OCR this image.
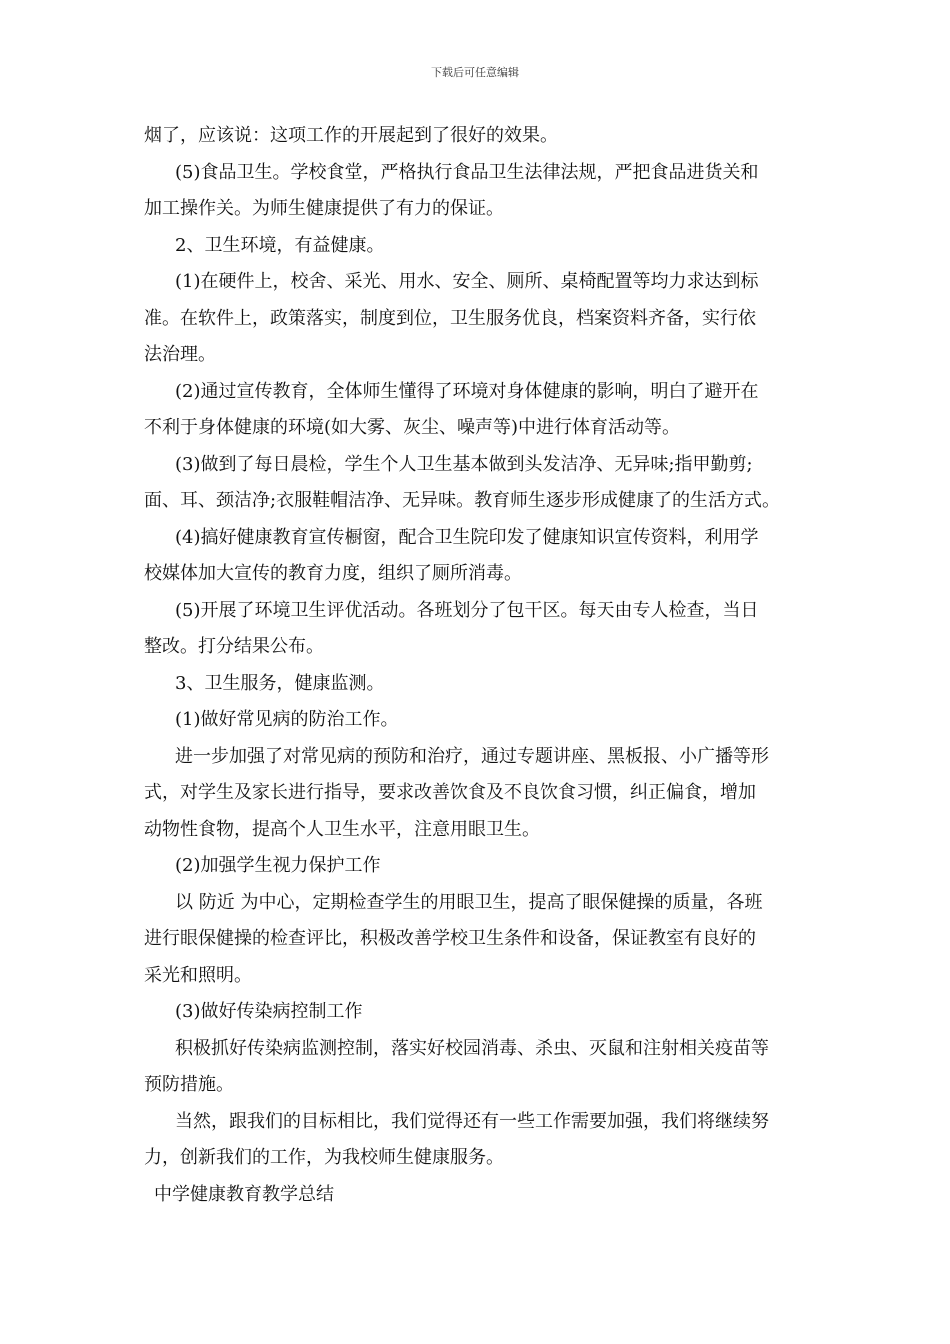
下载后可任意编辑
烟了，应该说：这项工作的开展起到了很好的效果。
(5)食品卫生。学校食堂，严格执行食品卫生法律法规，严把食品进货关和
加工操作关。为师生健康提供了有力的保证。
2、卫生环境，有益健康。
(1)在硬件上，校舍、采光、用水、安全、厕所、桌椅配置等均力求达到标
准。在软件上，政策落实，制度到位，卫生服务优良，档案资料齐备，实行依
法治理。
(2)通过宣传教育，全体师生懂得了环境对身体健康的影响，明白了避开在
不利于身体健康的环境(如大雾、灰尘、噪声等)中进行体育活动等。
(3)做到了每日晨检，学生个人卫生基本做到头发洁净、无异味;指甲勤剪;
面、耳、颈洁净;衣服鞋帽洁净、无异味。教育师生逐步形成健康了的生活方式。
(4)搞好健康教育宣传橱窗，配合卫生院印发了健康知识宣传资料，利用学
校媒体加大宣传的教育力度，组织了厕所消毒。
(5)开展了环境卫生评优活动。各班划分了包干区。每天由专人检查，当日
整改。打分结果公布。
3、卫生服务，健康监测。
(1)做好常见病的防治工作。
进一步加强了对常见病的预防和治疗，通过专题讲座、黑板报、小广播等形
式，对学生及家长进行指导，要求改善饮食及不良饮食习惯，纠正偏食，增加
动物性食物，提高个人卫生水平，注意用眼卫生。
(2)加强学生视力保护工作
以 防近 为中心，定期检查学生的用眼卫生，提高了眼保健操的质量，各班
进行眼保健操的检查评比，积极改善学校卫生条件和设备，保证教室有良好的
采光和照明。
(3)做好传染病控制工作
积极抓好传染病监测控制，落实好校园消毒、杀虫、灭鼠和注射相关疫苗等
预防措施。
当然，跟我们的目标相比，我们觉得还有一些工作需要加强，我们将继续努
力，创新我们的工作，为我校师生健康服务。
中学健康教育教学总结
